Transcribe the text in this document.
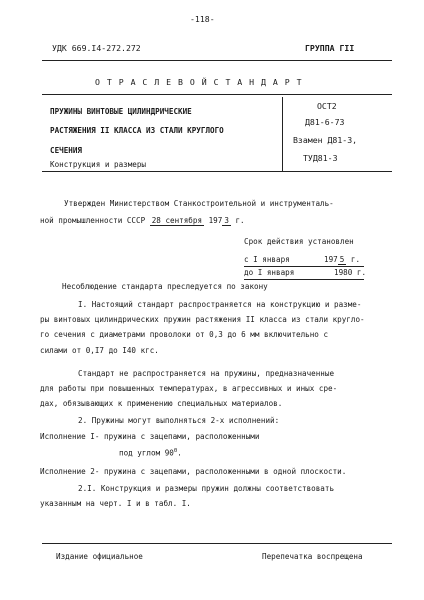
-118-
УДК 669.I4-272.272	ГРУППА ГII
О Т Р А С Л Е В О Й С Т А Н Д А Р Т
ПРУЖИНЫ ВИНТОВЫЕ ЦИЛИНДРИЧЕСКИЕ
РАСТЯЖЕНИЯ II КЛАССА ИЗ СТАЛИ КРУГЛОГО
СЕЧЕНИЯ
Конструкция и размеры
ОСТ2
Д81-6-73
Взамен Д81-3,
ТУД81-3
Утвержден Министерством Станкостроительной и инструменталь-
ной промышленности СССР 28 сентября 197 3 г.
Срок действия установлен
с I января	197 5 г.
до I января	1980 г.
Несоблюдение стандарта преследуется по закону
I. Настоящий стандарт распространяется на конструкцию и разме-
ры винтовых цилиндрических пружин растяжения II класса из стали кругло-
го сечения с диаметрами проволоки от 0,3 до 6 мм включительно с
силами от 0,I7 до I40 кгс.
Стандарт не распространяется на пружины, предназначенные
для работы при повышенных температурах, в агрессивных и иных сре-
дах, обязывающих к применению специальных материалов.
2. Пружины могут выполняться 2-х исполнений:
Исполнение I- пружина с зацепами, расположенными
под углом $90^0$.
Исполнение 2- пружина с зацепами, расположенными в одной плоскости.
2.I. Конструкция и размеры пружин должны соответствовать
указанным на черт. I и в табл. I.
Издание официальное	Перепечатка воспрещена
